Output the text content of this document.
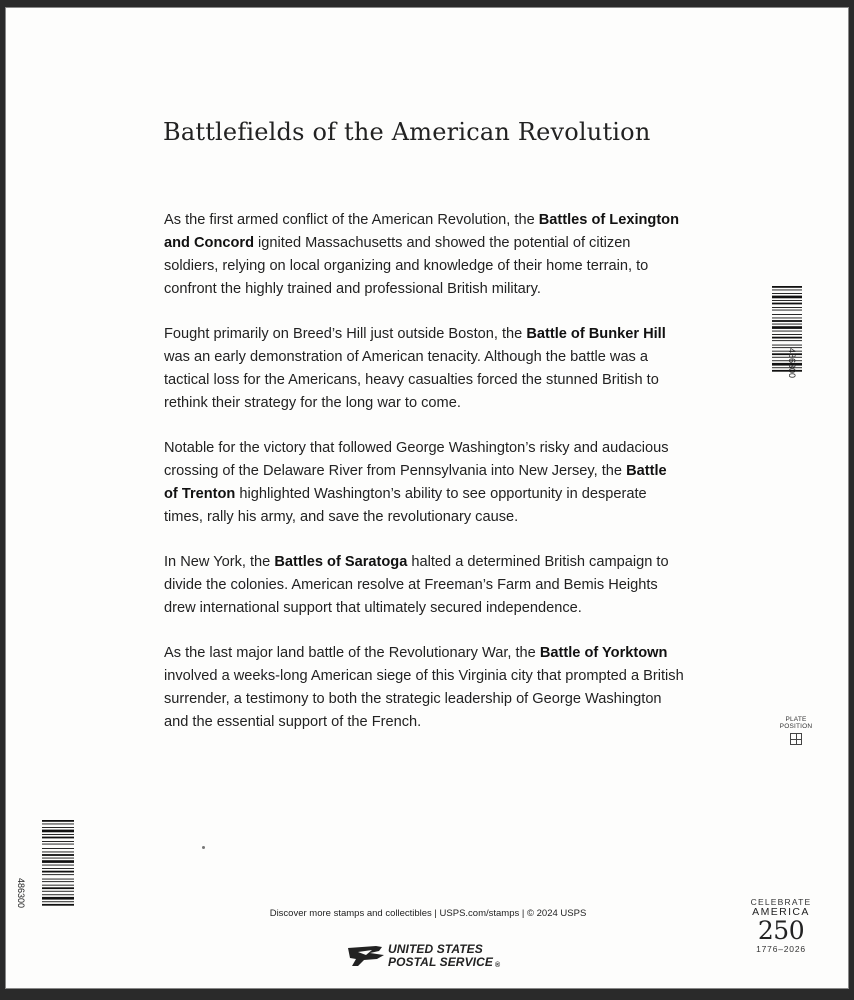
Battlefields of the American Revolution

As the first armed conflict of the American Revolution, the Battles of Lexington and Concord ignited Massachusetts and showed the potential of citizen soldiers, relying on local organizing and knowledge of their home terrain, to confront the highly trained and professional British military.

Fought primarily on Breed’s Hill just outside Boston, the Battle of Bunker Hill was an early demonstration of American tenacity. Although the battle was a tactical loss for the Americans, heavy casualties forced the stunned British to rethink their strategy for the long war to come.

Notable for the victory that followed George Washington’s risky and audacious crossing of the Delaware River from Pennsylvania into New Jersey, the Battle of Trenton highlighted Washington’s ability to see opportunity in desperate times, rally his army, and save the revolutionary cause.

In New York, the Battles of Saratoga halted a determined British campaign to divide the colonies. American resolve at Freeman’s Farm and Bemis Heights drew international support that ultimately secured independence.

As the last major land battle of the Revolutionary War, the Battle of Yorktown involved a weeks-long American siege of this Virginia city that prompted a British surrender, a testimony to both the strategic leadership of George Washington and the essential support of the French.

486300
486300
PLATE
POSITION
Discover more stamps and collectibles | USPS.com/stamps | © 2024 USPS
UNITED STATES
POSTAL SERVICE ®
CELEBRATE
AMERICA
250
1776–2026
